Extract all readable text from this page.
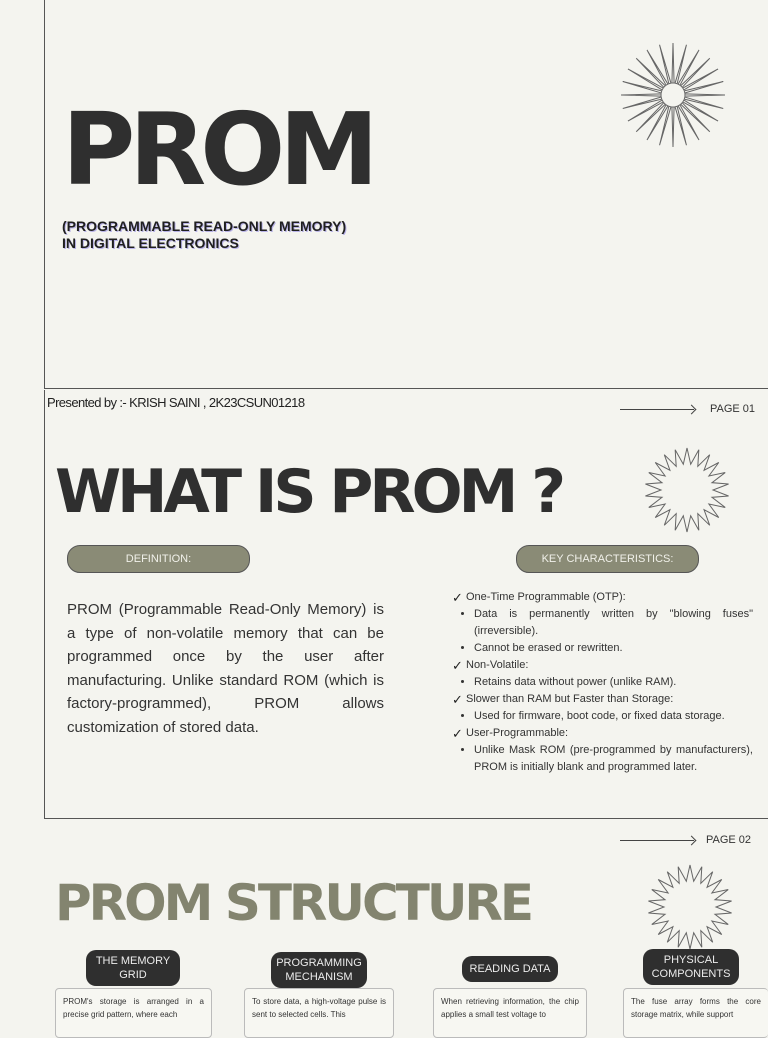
PROM
(PROGRAMMABLE READ-ONLY MEMORY)
IN DIGITAL ELECTRONICS
Presented by :- KRISH SAINI , 2K23CSUN01218	PAGE 01
WHAT IS PROM ?
DEFINITION:	KEY CHARACTERISTICS:
PROM (Programmable Read-Only Memory) is a type of non-volatile memory that can be programmed once by the user after manufacturing. Unlike standard ROM (which is factory-programmed), PROM allows customization of stored data.
✓ One-Time Programmable (OTP):
• Data is permanently written by "blowing fuses" (irreversible).
• Cannot be erased or rewritten.
✓ Non-Volatile:
• Retains data without power (unlike RAM).
✓ Slower than RAM but Faster than Storage:
• Used for firmware, boot code, or fixed data storage.
✓ User-Programmable:
• Unlike Mask ROM (pre-programmed by manufacturers), PROM is initially blank and programmed later.
PAGE 02
PROM STRUCTURE
THE MEMORY
GRID
PROGRAMMING
MECHANISM
READING DATA
PHYSICAL
COMPONENTS
PROM's storage is arranged in a precise grid pattern, where each
To store data, a high-voltage pulse is sent to selected cells. This
When retrieving information, the chip applies a small test voltage to
The fuse array forms the core storage matrix, while support
